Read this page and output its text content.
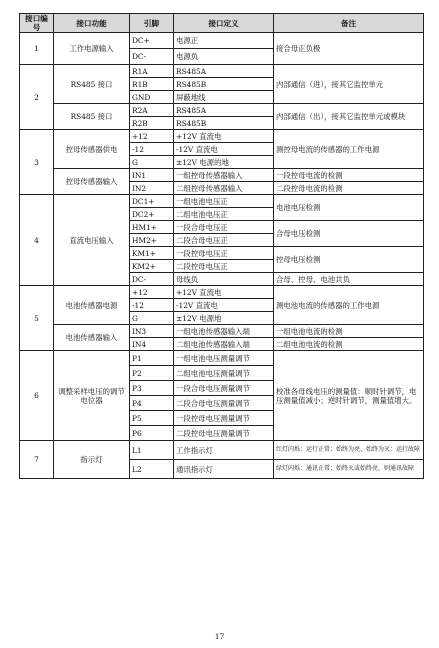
接口编号	接口功能	引脚	接口定义	备注
1	工作电源输入	DC+	电源正	接合母正负极
		DC-	电源负	
2	RS485 接口	R1A	RS485A	内部通信（进），接其它监控单元
		R1B	RS485B	
		GND	屏蔽地线	
	RS485 接口	R2A	RS485A	内部通信（出），接其它监控单元或模块
		R2B	RS485B	
3	控母传感器供电	+12	+12V 直流电	测控母电流的传感器的工作电源
		-12	-12V 直流电	
		G	±12V 电源的地	
	控母传感器输入	IN1	一组控母传感器输入	一段控母电流的检测
		IN2	二组控母传感器输入	二段控母电流的检测
4	直流电压输入	DC1+	一组电池电压正	电池电压检测
		DC2+	二组电池电压正	
		HM1+	一段合母电压正	合母电压检测
		HM2+	二段合母电压正	
		KM1+	一段控母电压正	控母电压检测
		KM2+	二段控母电压正	
		DC-	母线负	合母、控母、电池共负
5	电池传感器电源	+12	+12V 直流电	测电池电流的传感器的工作电源
		-12	-12V 直流电	
		G	±12V 电源地	
	电池传感器输入	IN3	一组电池传感器输入端	一组电池电流的检测
		IN4	二组电池传感器输入端	二组电池电流的检测
6	调整采样电压的调节电位器	P1	一组电池电压测量调节	校准各母线电压的测量值：顺时针调节，电压测量值减小；逆时针调节，测量值增大。
		P2	二组电池电压测量调节	
		P3	一段合母电压测量调节	
		P4	二段合母电压测量调节	
		P5	一段控母电压测量调节	
		P6	二段控母电压测量调节	
7	指示灯	L1	工作指示灯	红灯闪烁：运行正常；始终为亮、始终为灭：运行故障
		L2	通讯指示灯	绿灯闪烁：通讯正常；始终灭或始终亮，则通讯故障
17
